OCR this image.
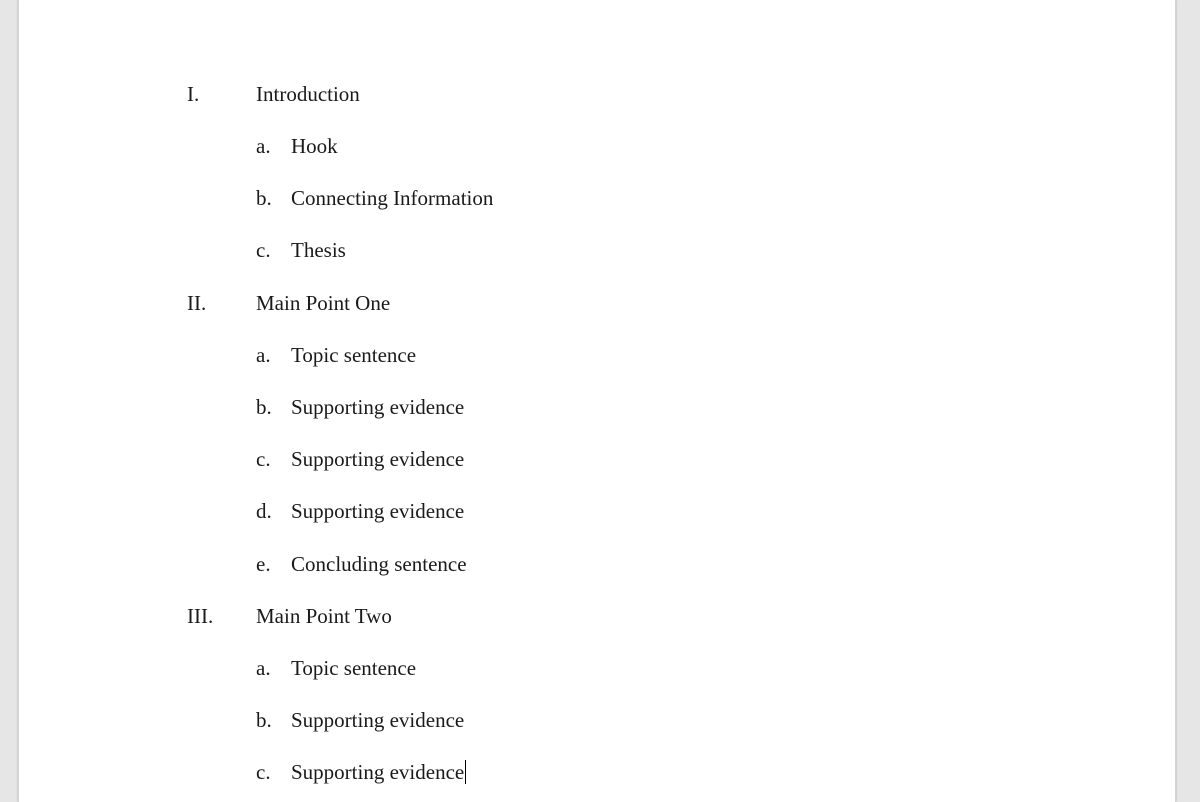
I.	Introduction
a. Hook
b. Connecting Information
c. Thesis
II. Main Point One
a. Topic sentence
b. Supporting evidence
c. Supporting evidence
d. Supporting evidence
e. Concluding sentence
III. Main Point Two
a. Topic sentence
b. Supporting evidence
c. Supporting evidence
